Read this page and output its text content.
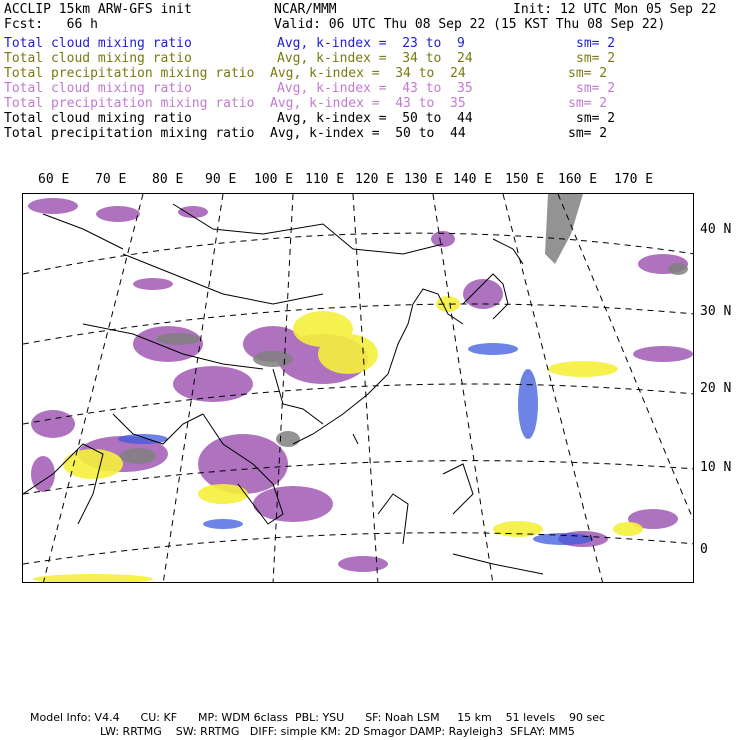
ACCLIP 15km ARW-GFS init	NCAR/MMM	Init: 12 UTC Mon 05 Sep 22
Fcst:   66 h	Valid: 06 UTC Thu 08 Sep 22 (15 KST Thu 08 Sep 22)
Total cloud mixing ratio	Avg, k-index =  23 to  9	sm= 2
Total cloud mixing ratio	Avg, k-index =  34 to  24	sm= 2
Total precipitation mixing ratio Avg, k-index =  34 to  24	sm= 2
Total cloud mixing ratio	Avg, k-index =  43 to  35	sm= 2
Total precipitation mixing ratio Avg, k-index =  43 to  35	sm= 2
Total cloud mixing ratio	Avg, k-index =  50 to  44	sm= 2
Total precipitation mixing ratio Avg, k-index =  50 to  44	sm= 2
60 E 70 E 80 E 90 E 100 E 110 E 120 E 130 E 140 E 150 E 160 E 170 E
40 N
30 N
20 N
10 N
0
Model Info: V4.4      CU: KF      MP: WDM 6class  PBL: YSU      SF: Noah LSM     15 km    51 levels    90 sec
LW: RRTMG    SW: RRTMG   DIFF: simple KM: 2D Smagor DAMP: Rayleigh3  SFLAY: MM5
